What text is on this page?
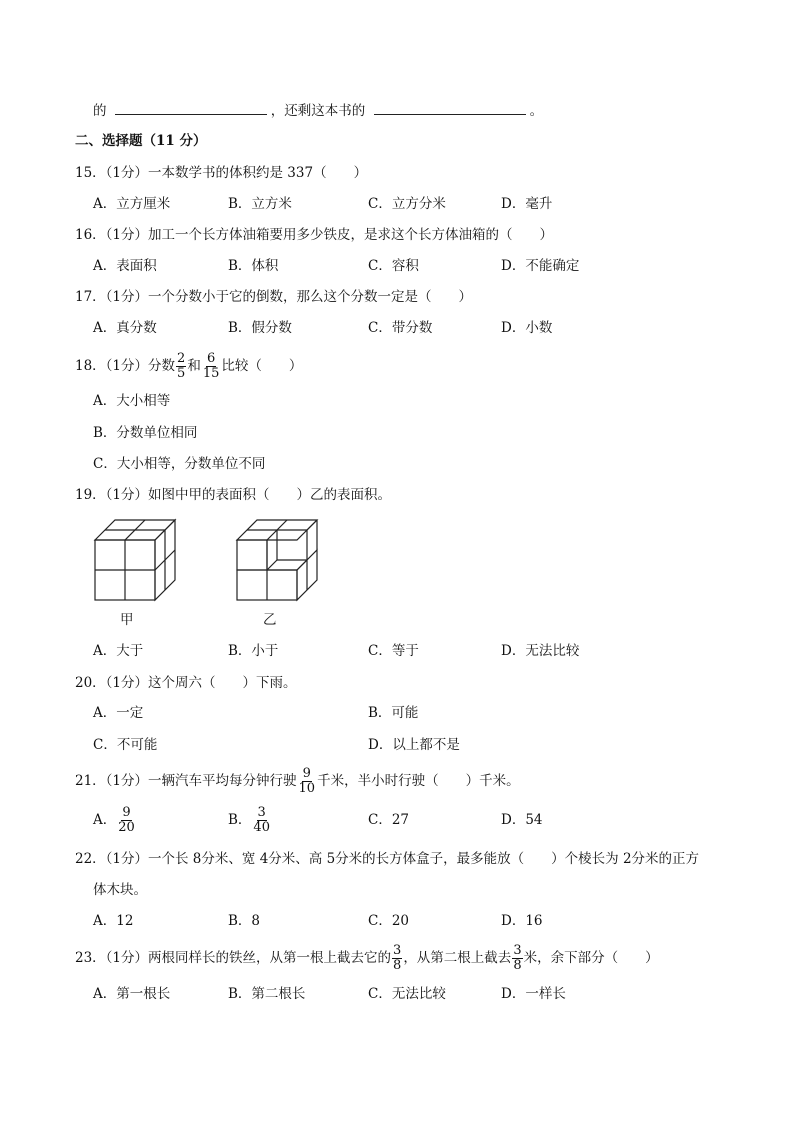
的	，还剩这本书的	。
二、选择题（11 分）
15．（1分）一本数学书的体积约是 337（　　）
A．立方厘米	B．立方米	C．立方分米	D．毫升
16．（1分）加工一个长方体油箱要用多少铁皮，是求这个长方体油箱的（　　）
A．表面积	B．体积	C．容积	D．不能确定
17．（1分）一个分数小于它的倒数，那么这个分数一定是（　　）
A．真分数	B．假分数	C．带分数	D．小数
18．（1分）分数 $\frac{2}{5}$ 和 $\frac{6}{15}$ 比较（　　）
A．大小相等
B．分数单位相同
C．大小相等，分数单位不同
19．（1分）如图中甲的表面积（　　）乙的表面积。
甲	乙
A．大于	B．小于	C．等于	D．无法比较
20．（1分）这个周六（　　）下雨。
A．一定	B．可能
C．不可能	D．以上都不是
21．（1分）一辆汽车平均每分钟行驶 $\frac{9}{10}$ 千米，半小时行驶（　　）千米。
A． $\frac{9}{20}$	B． $\frac{3}{40}$	C．27	D．54
22．（1分）一个长 8分米、宽 4分米、高 5分米的长方体盒子，最多能放（　　）个棱长为 2分米的正方
体木块。
A．12	B．8	C．20	D．16
23．（1分）两根同样长的铁丝，从第一根上截去它的 $\frac{3}{8}$ ，从第二根上截去 $\frac{3}{8}$ 米，余下部分（　　）
A．第一根长	B．第二根长	C．无法比较	D．一样长
